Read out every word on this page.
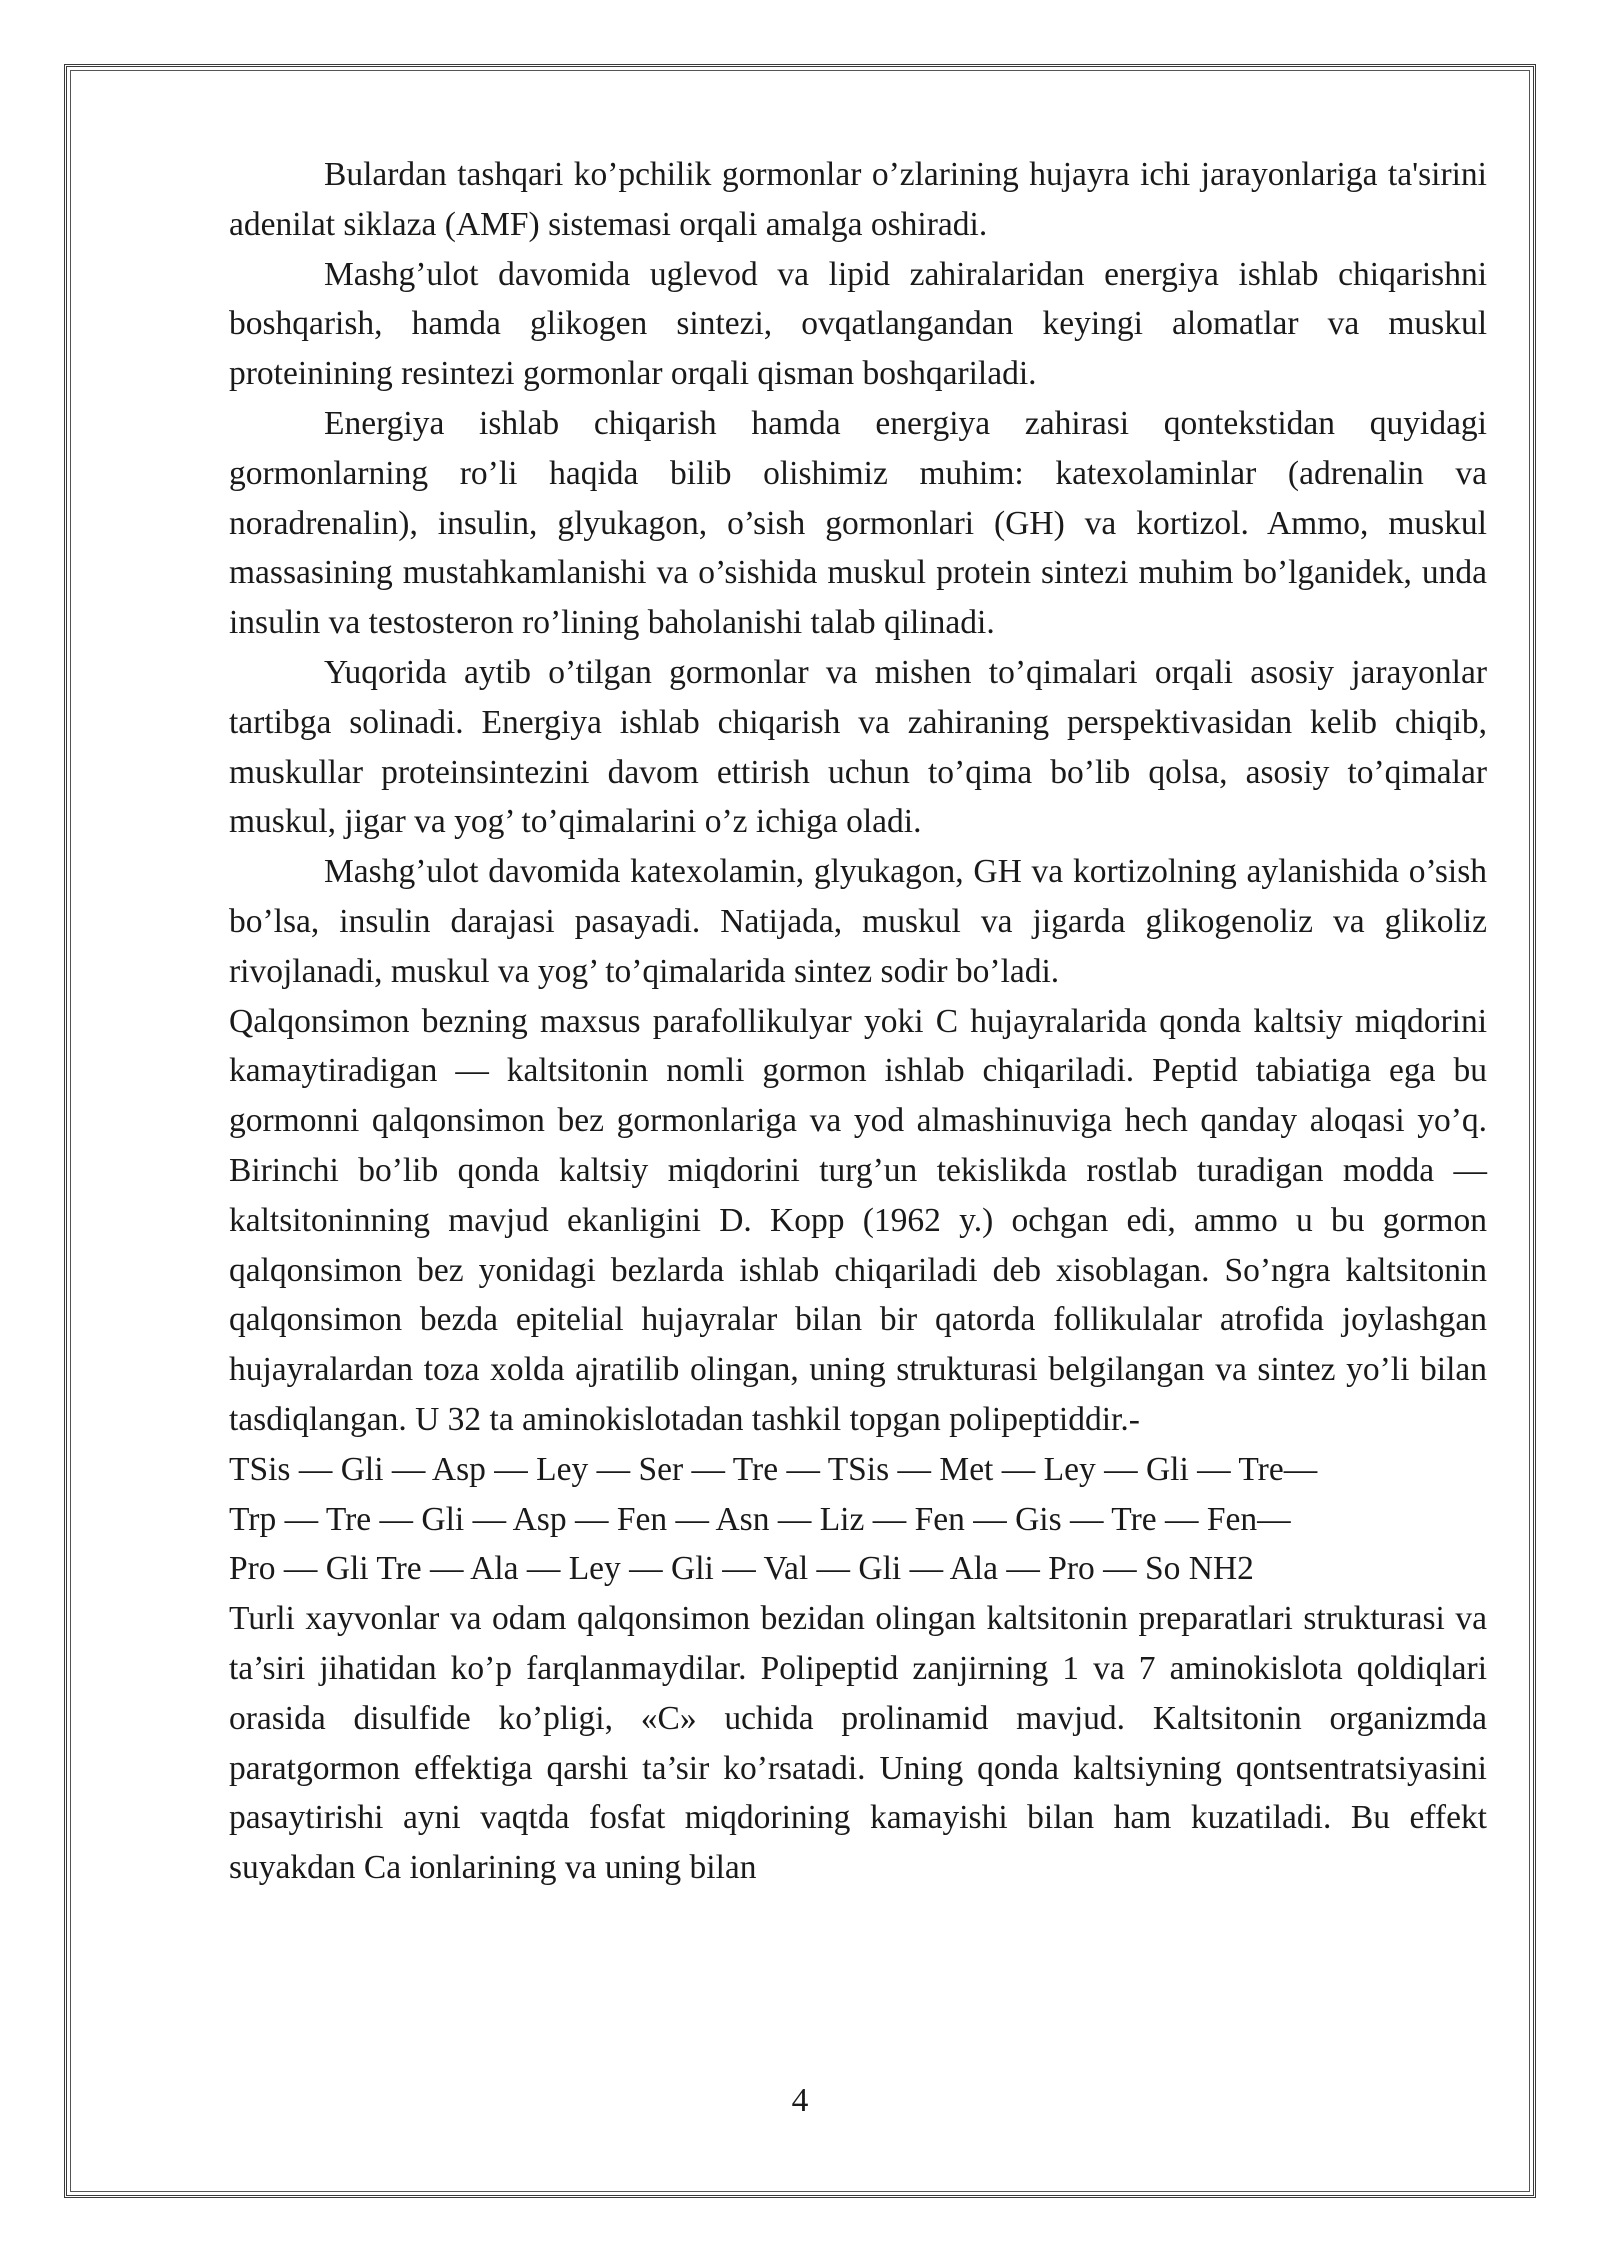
Bulardan tashqari ko’pchilik gormonlar o’zlarining hujayra ichi jarayonlariga ta'sirini adenilat siklaza (AMF) sistemasi orqali amalga oshiradi.

Mashg’ulot davomida uglevod va lipid zahiralaridan energiya ishlab chiqarishni boshqarish, hamda glikogen sintezi, ovqatlangandan keyingi alomatlar va muskul proteinining resintezi gormonlar orqali qisman boshqariladi.

Energiya ishlab chiqarish hamda energiya zahirasi qontekstidan quyidagi gormonlarning ro’li haqida bilib olishimiz muhim: katexolaminlar (adrenalin va noradrenalin), insulin, glyukagon, o’sish gormonlari (GH) va kortizol. Ammo, muskul massasining mustahkamlanishi va o’sishida muskul protein sintezi muhim bo’lganidek, unda insulin va testosteron ro’lining baholanishi talab qilinadi.

Yuqorida aytib o’tilgan gormonlar va mishen to’qimalari orqali asosiy jarayonlar tartibga solinadi. Energiya ishlab chiqarish va zahiraning perspektivasidan kelib chiqib, muskullar proteinsintezini davom ettirish uchun to’qima bo’lib qolsa, asosiy to’qimalar muskul, jigar va yog’ to’qimalarini o’z ichiga oladi.

Mashg’ulot davomida katexolamin, glyukagon, GH va kortizolning aylanishida o’sish bo’lsa, insulin darajasi pasayadi. Natijada, muskul va jigarda glikogenoliz va glikoliz rivojlanadi, muskul va yog’ to’qimalarida sintez sodir bo’ladi.

Qalqonsimon bezning maxsus parafollikulyar yoki C hujayralarida qonda kaltsiy miqdorini kamaytiradigan — kaltsitonin nomli gormon ishlab chiqariladi. Peptid tabiatiga ega bu gormonni qalqonsimon bez gormonlariga va yod almashinuviga hech qanday aloqasi yo’q. Birinchi bo’lib qonda kaltsiy miqdorini turg’un tekislikda rostlab turadigan modda — kaltsitoninning mavjud ekanligini D. Kopp (1962 y.) ochgan edi, ammo u bu gormon qalqonsimon bez yonidagi bezlarda ishlab chiqariladi deb xisoblagan. So’ngra kaltsitonin qalqonsimon bezda epitelial hujayralar bilan bir qatorda follikulalar atrofida joylashgan hujayralardan toza xolda ajratilib olingan, uning strukturasi belgilangan va sintez yo’li bilan tasdiqlangan. U 32 ta aminokislotadan tashkil topgan polipeptiddir.-

TSis — Gli — Asp — Ley — Ser — Tre — TSis — Met — Ley — Gli — Tre—

Trp — Tre — Gli — Asp — Fen — Asn — Liz — Fen — Gis — Tre — Fen—

Pro — Gli Tre — Ala — Ley — Gli — Val — Gli — Ala — Pro — So NH2

Turli xayvonlar va odam qalqonsimon bezidan olingan kaltsitonin preparatlari strukturasi va ta’siri jihatidan ko’p farqlanmaydilar. Polipeptid zanjirning 1 va 7 aminokislota qoldiqlari orasida disulfide ko’pligi, «C» uchida prolinamid mavjud. Kaltsitonin organizmda paratgormon effektiga qarshi ta’sir ko’rsatadi. Uning qonda kaltsiyning qontsentratsiyasini pasaytirishi ayni vaqtda fosfat miqdorining kamayishi bilan ham kuzatiladi. Bu effekt suyakdan Ca ionlarining va uning bilan

4
